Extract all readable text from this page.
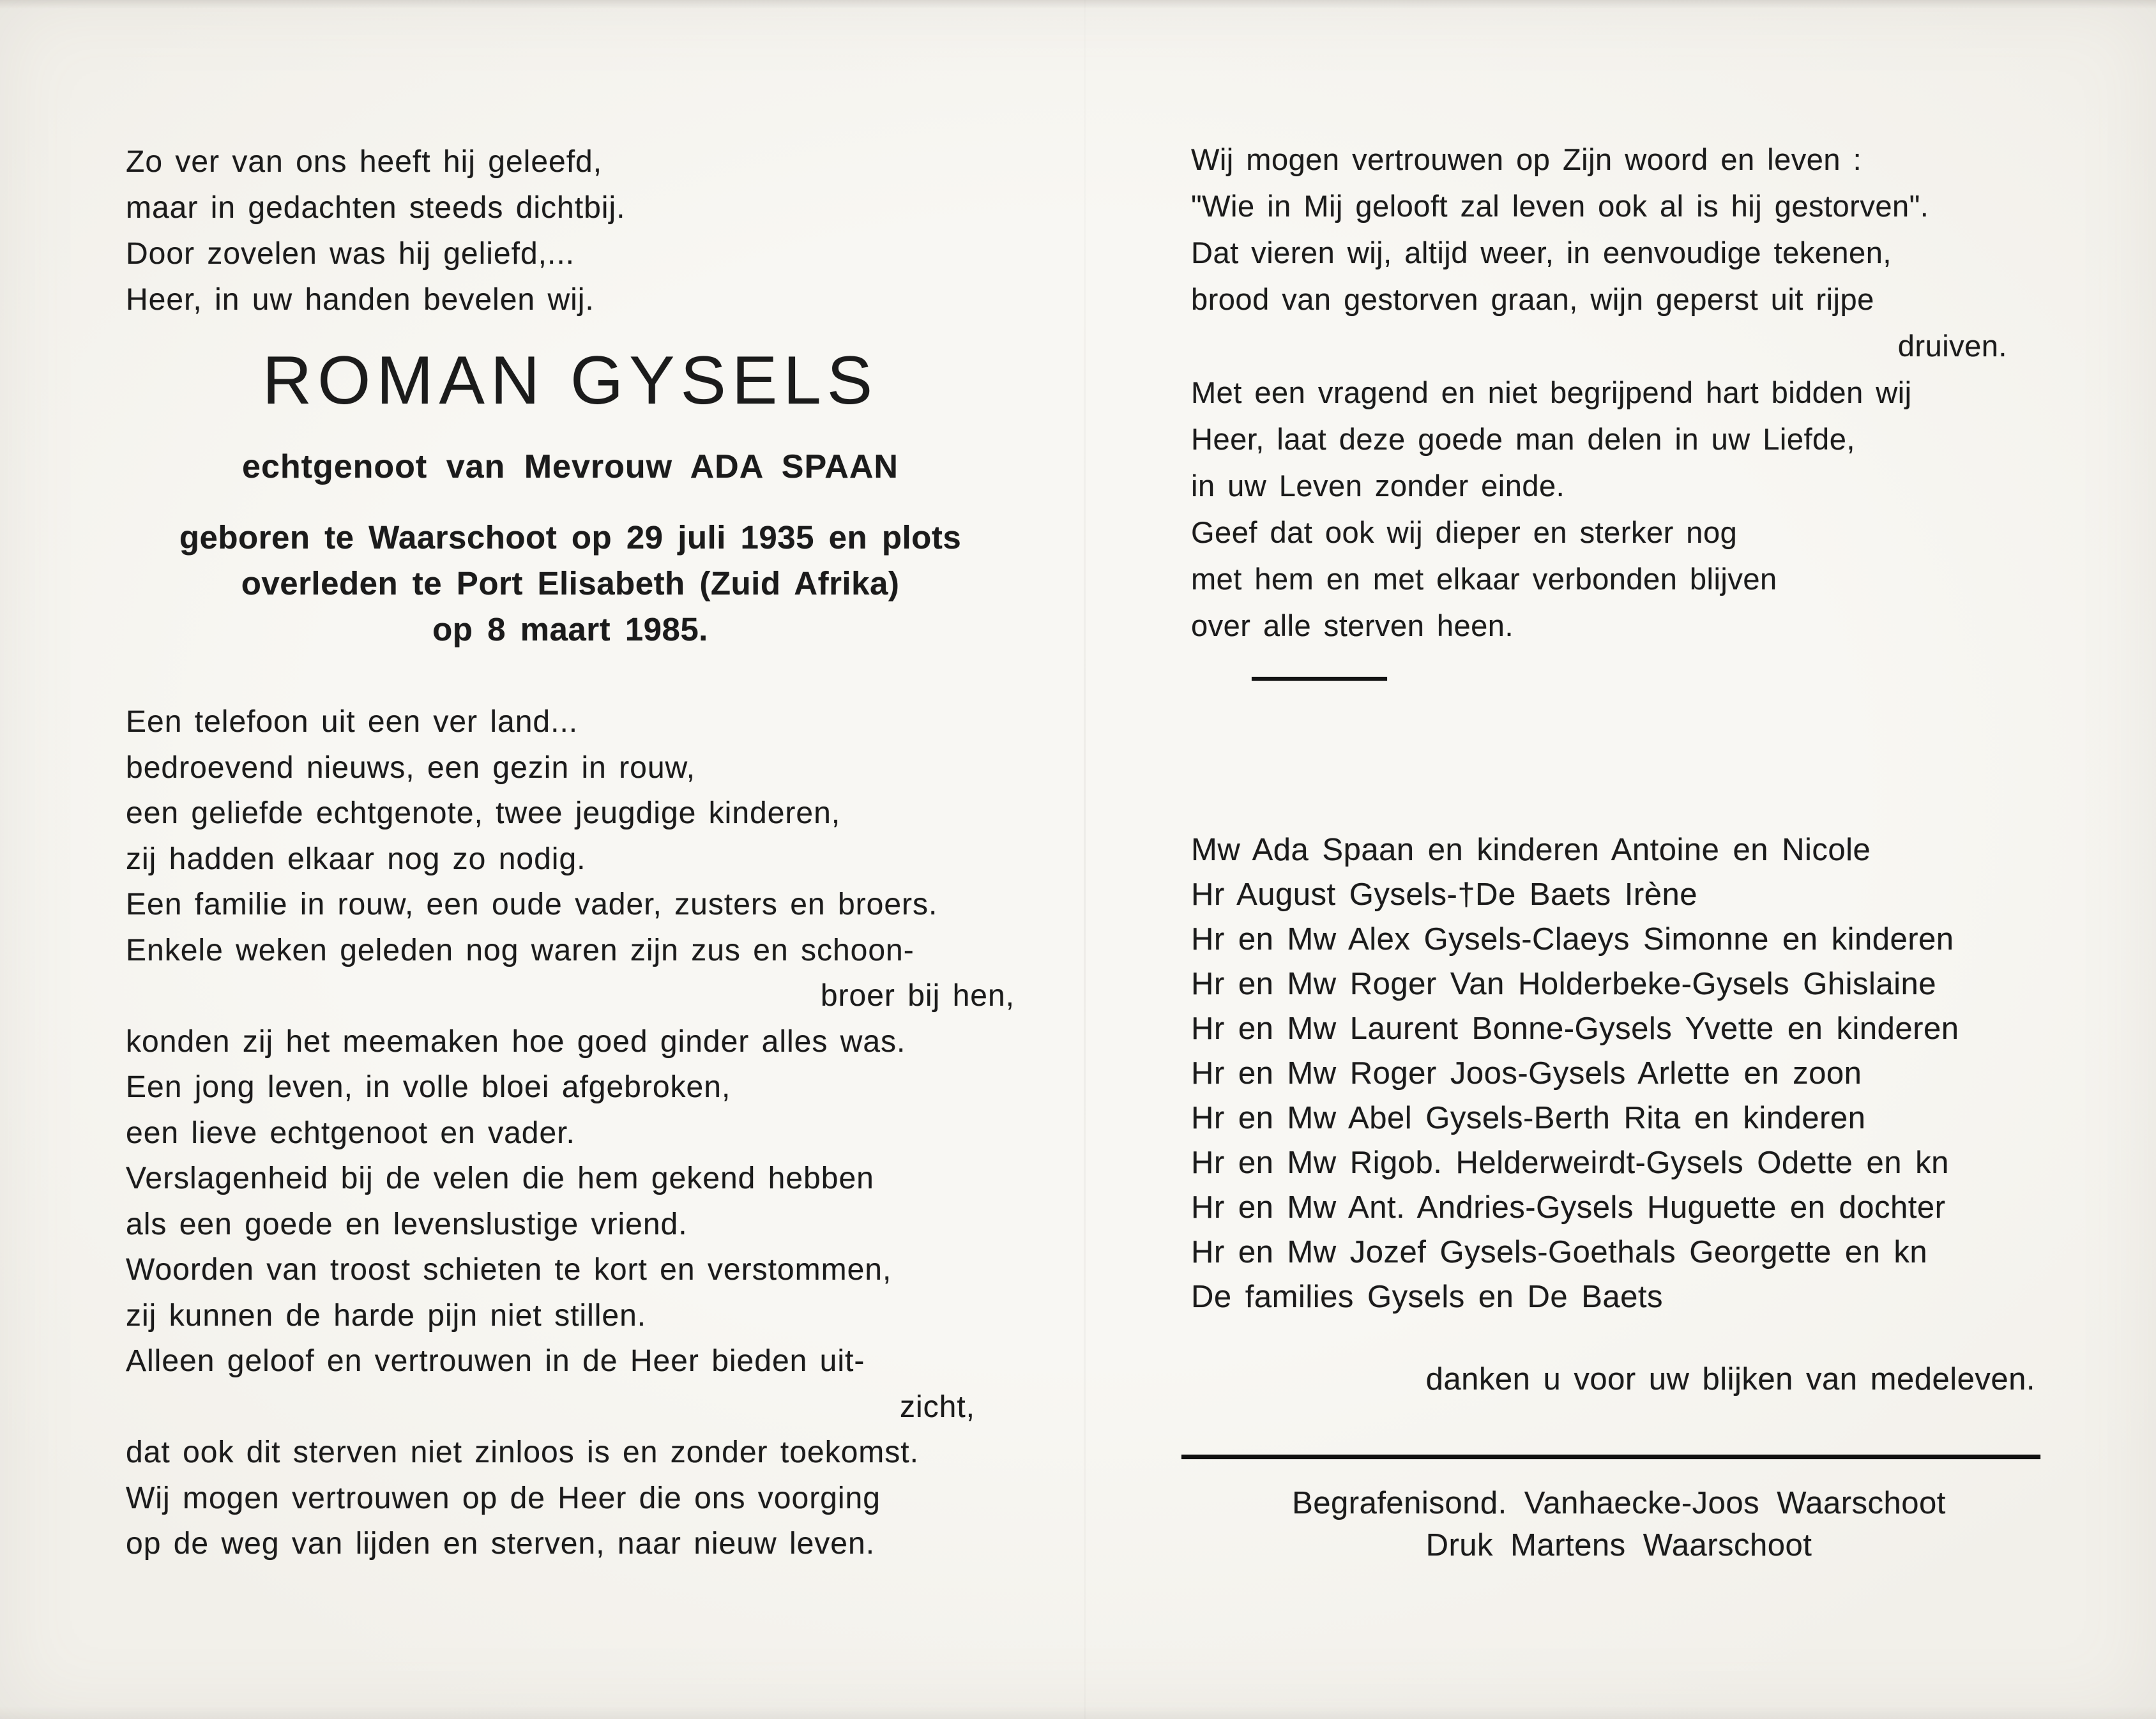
Zo ver van ons heeft hij geleefd,
maar in gedachten steeds dichtbij.
Door zovelen was hij geliefd,...
Heer, in uw handen bevelen wij.
ROMAN GYSELS
echtgenoot van Mevrouw ADA SPAAN
geboren te Waarschoot op 29 juli 1935 en plots
overleden te Port Elisabeth (Zuid Afrika)
op 8 maart 1985.
Een telefoon uit een ver land...
bedroevend nieuws, een gezin in rouw,
een geliefde echtgenote, twee jeugdige kinderen,
zij hadden elkaar nog zo nodig.
Een familie in rouw, een oude vader, zusters en broers.
Enkele weken geleden nog waren zijn zus en schoon-
broer bij hen,
konden zij het meemaken hoe goed ginder alles was.
Een jong leven, in volle bloei afgebroken,
een lieve echtgenoot en vader.
Verslagenheid bij de velen die hem gekend hebben
als een goede en levenslustige vriend.
Woorden van troost schieten te kort en verstommen,
zij kunnen de harde pijn niet stillen.
Alleen geloof en vertrouwen in de Heer bieden uit-
zicht,
dat ook dit sterven niet zinloos is en zonder toekomst.
Wij mogen vertrouwen op de Heer die ons voorging
op de weg van lijden en sterven, naar nieuw leven.
Wij mogen vertrouwen op Zijn woord en leven :
"Wie in Mij gelooft zal leven ook al is hij gestorven".
Dat vieren wij, altijd weer, in eenvoudige tekenen,
brood van gestorven graan, wijn geperst uit rijpe
druiven.
Met een vragend en niet begrijpend hart bidden wij
Heer, laat deze goede man delen in uw Liefde,
in uw Leven zonder einde.
Geef dat ook wij dieper en sterker nog
met hem en met elkaar verbonden blijven
over alle sterven heen.
Mw Ada Spaan en kinderen Antoine en Nicole
Hr August Gysels-†De Baets Irène
Hr en Mw Alex Gysels-Claeys Simonne en kinderen
Hr en Mw Roger Van Holderbeke-Gysels Ghislaine
Hr en Mw Laurent Bonne-Gysels Yvette en kinderen
Hr en Mw Roger Joos-Gysels Arlette en zoon
Hr en Mw Abel Gysels-Berth Rita en kinderen
Hr en Mw Rigob. Helderweirdt-Gysels Odette en kn
Hr en Mw Ant. Andries-Gysels Huguette en dochter
Hr en Mw Jozef Gysels-Goethals Georgette en kn
De families Gysels en De Baets
danken u voor uw blijken van medeleven.
Begrafenisond. Vanhaecke-Joos Waarschoot
Druk Martens Waarschoot
